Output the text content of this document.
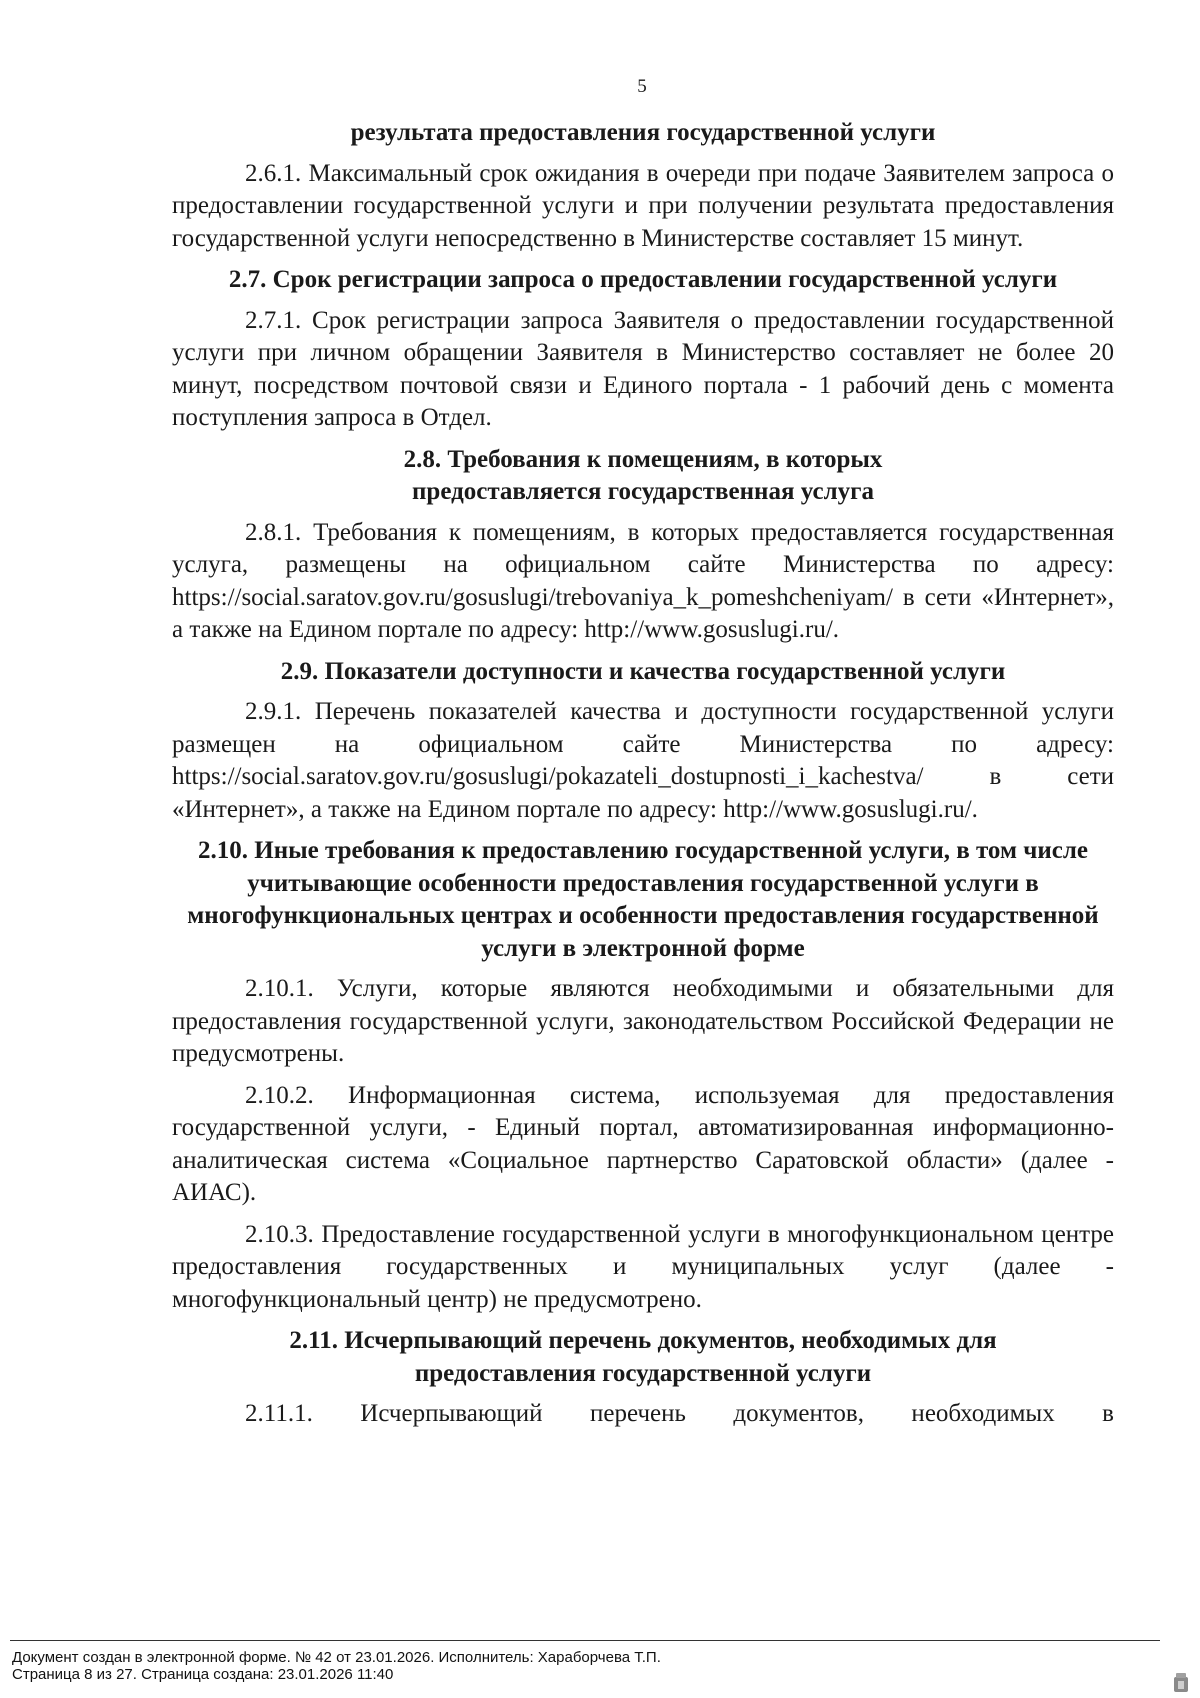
5
результата предоставления государственной услуги
2.6.1. Максимальный срок ожидания в очереди при подаче Заявителем запроса о предоставлении государственной услуги и при получении результата предоставления государственной услуги непосредственно в Министерстве составляет 15 минут.
2.7. Срок регистрации запроса о предоставлении государственной услуги
2.7.1. Срок регистрации запроса Заявителя о предоставлении государственной услуги при личном обращении Заявителя в Министерство составляет не более 20 минут, посредством почтовой связи и Единого портала - 1 рабочий день с момента поступления запроса в Отдел.
2.8. Требования к помещениям, в которых предоставляется государственная услуга
2.8.1. Требования к помещениям, в которых предоставляется государственная услуга, размещены на официальном сайте Министерства по адресу: https://social.saratov.gov.ru/gosuslugi/trebovaniya_k_pomeshcheniyam/ в сети «Интернет», а также на Едином портале по адресу: http://www.gosuslugi.ru/.
2.9. Показатели доступности и качества государственной услуги
2.9.1. Перечень показателей качества и доступности государственной услуги размещен на официальном сайте Министерства по адресу: https://social.saratov.gov.ru/gosuslugi/pokazateli_dostupnosti_i_kachestva/ в сети «Интернет», а также на Едином портале по адресу: http://www.gosuslugi.ru/.
2.10. Иные требования к предоставлению государственной услуги, в том числе учитывающие особенности предоставления государственной услуги в многофункциональных центрах и особенности предоставления государственной услуги в электронной форме
2.10.1. Услуги, которые являются необходимыми и обязательными для предоставления государственной услуги, законодательством Российской Федерации не предусмотрены.
2.10.2. Информационная система, используемая для предоставления государственной услуги, - Единый портал, автоматизированная информационно-аналитическая система «Социальное партнерство Саратовской области» (далее - АИАС).
2.10.3. Предоставление государственной услуги в многофункциональном центре предоставления государственных и муниципальных услуг (далее - многофункциональный центр) не предусмотрено.
2.11. Исчерпывающий перечень документов, необходимых для предоставления государственной услуги
2.11.1. Исчерпывающий перечень документов, необходимых в
Документ создан в электронной форме. № 42 от 23.01.2026. Исполнитель: Хараборчева Т.П.
Страница 8 из 27. Страница создана: 23.01.2026 11:40
